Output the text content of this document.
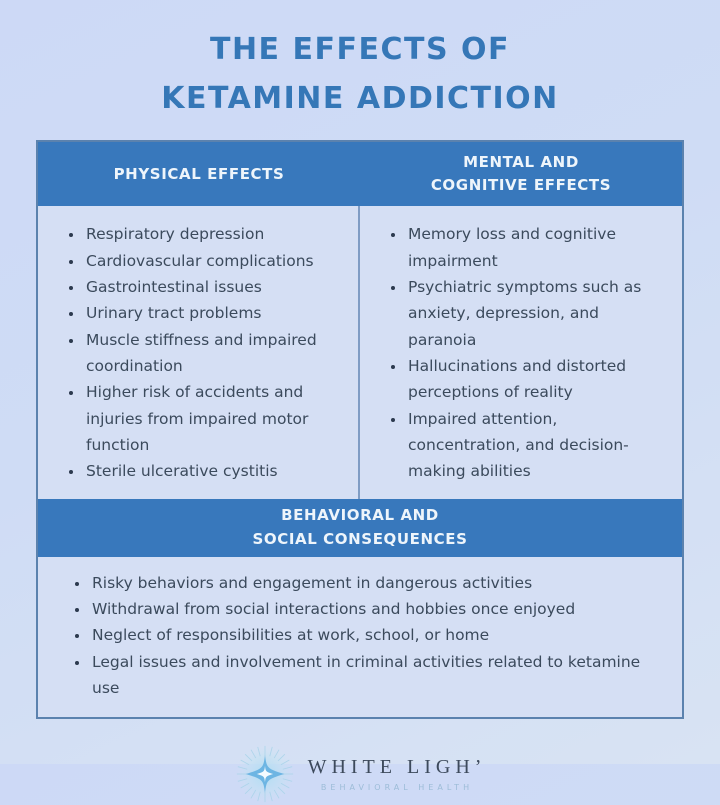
THE EFFECTS OF
KETAMINE ADDICTION
PHYSICAL EFFECTS
MENTAL AND
COGNITIVE EFFECTS
• Respiratory depression
• Cardiovascular complications
• Gastrointestinal issues
• Urinary tract problems
• Muscle stiffness and impaired coordination
• Higher risk of accidents and injuries from impaired motor function
• Sterile ulcerative cystitis
• Memory loss and cognitive impairment
• Psychiatric symptoms such as anxiety, depression, and paranoia
• Hallucinations and distorted perceptions of reality
• Impaired attention, concentration, and decision-making abilities
BEHAVIORAL AND
SOCIAL CONSEQUENCES
• Risky behaviors and engagement in dangerous activities
• Withdrawal from social interactions and hobbies once enjoyed
• Neglect of responsibilities at work, school, or home
• Legal issues and involvement in criminal activities related to ketamine use
WHITE LIGH’
BEHAVIORAL HEALTH
